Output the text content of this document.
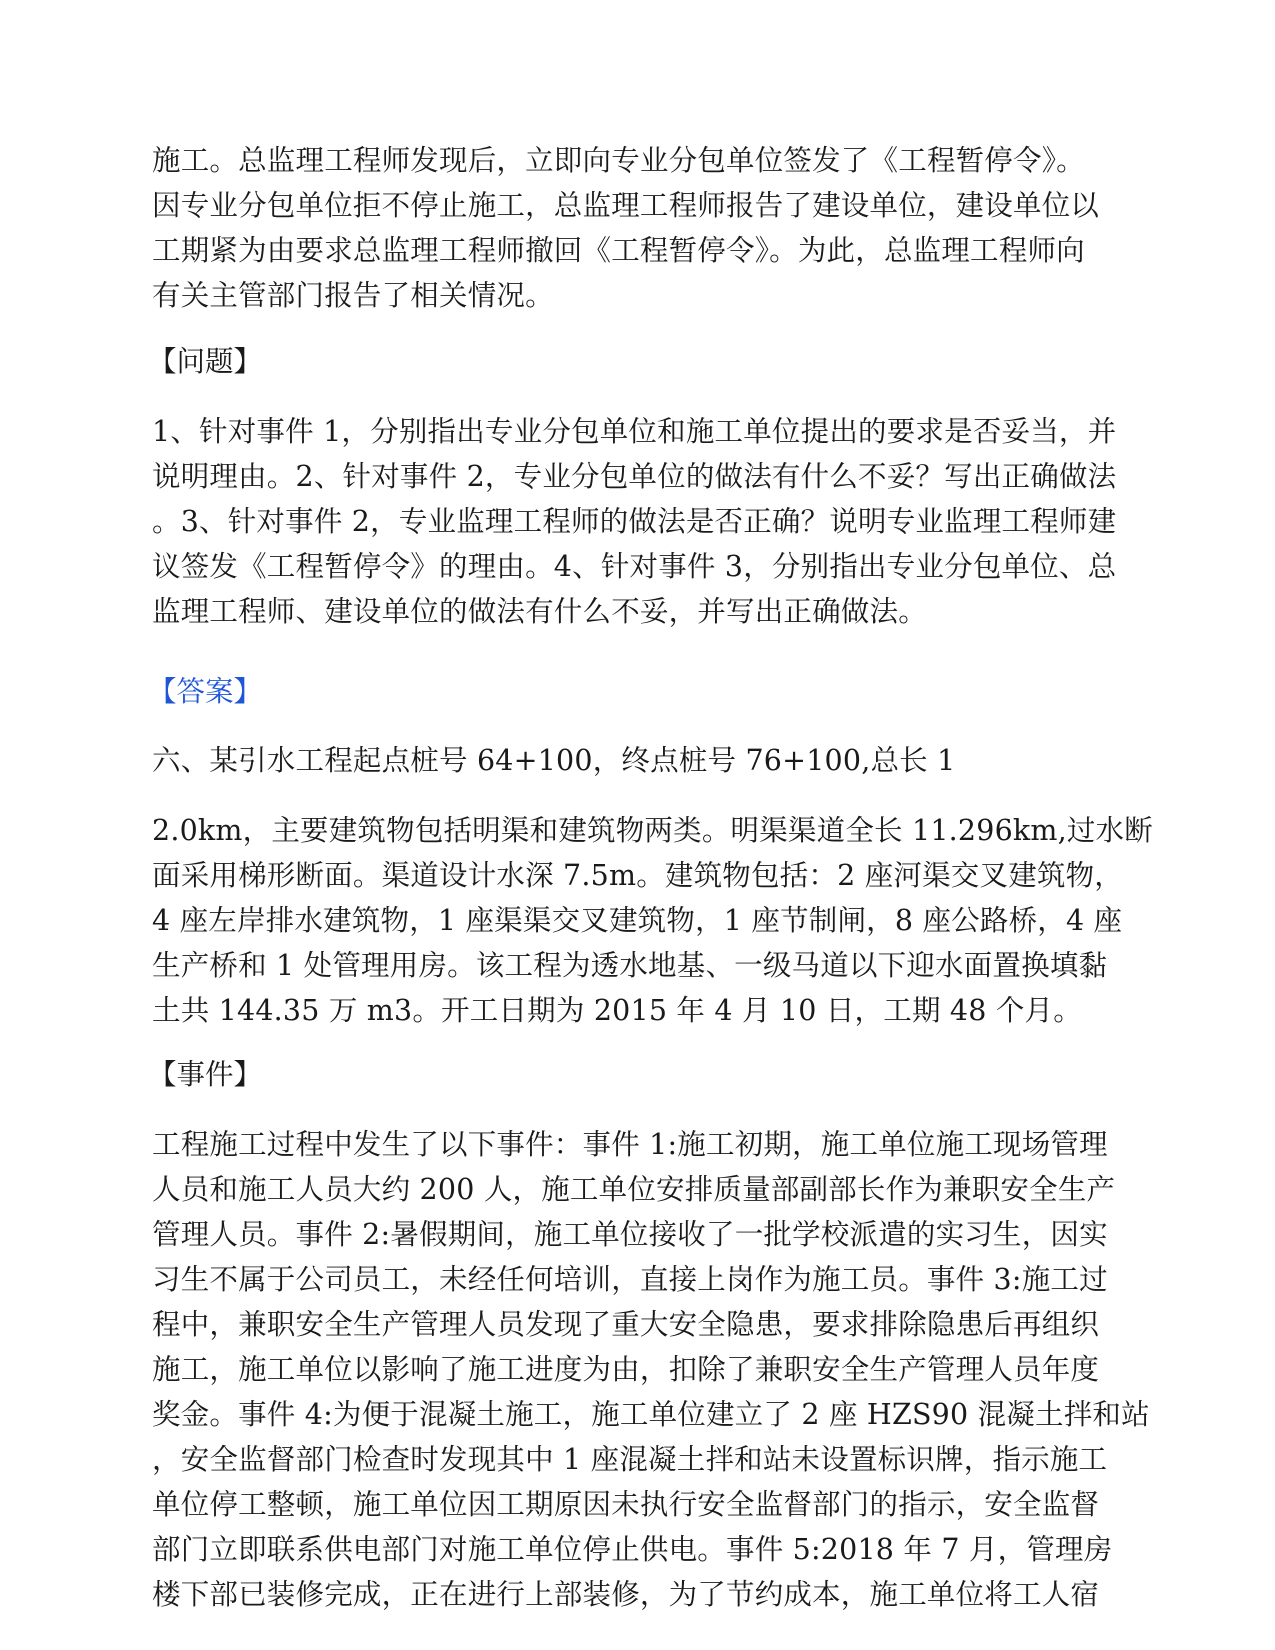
施工。总监理工程师发现后，立即向专业分包单位签发了《工程暂停令》。
因专业分包单位拒不停止施工，总监理工程师报告了建设单位，建设单位以
工期紧为由要求总监理工程师撤回《工程暂停令》。为此，总监理工程师向
有关主管部门报告了相关情况。
【问题】
1、针对事件 1，分别指出专业分包单位和施工单位提出的要求是否妥当，并
说明理由。2、针对事件 2，专业分包单位的做法有什么不妥？写出正确做法
。3、针对事件 2，专业监理工程师的做法是否正确？说明专业监理工程师建
议签发《工程暂停令》的理由。4、针对事件 3，分别指出专业分包单位、总
监理工程师、建设单位的做法有什么不妥，并写出正确做法。
【答案】
六、某引水工程起点桩号 64+100，终点桩号 76+100,总长 1
2.0km，主要建筑物包括明渠和建筑物两类。明渠渠道全长 11.296km,过水断
面采用梯形断面。渠道设计水深 7.5m。建筑物包括：2 座河渠交叉建筑物，
4 座左岸排水建筑物，1 座渠渠交叉建筑物，1 座节制闸，8 座公路桥，4 座
生产桥和 1 处管理用房。该工程为透水地基、一级马道以下迎水面置换填黏
土共 144.35 万 m3。开工日期为 2015 年 4 月 10 日，工期 48 个月。
【事件】
工程施工过程中发生了以下事件：事件 1:施工初期，施工单位施工现场管理
人员和施工人员大约 200 人，施工单位安排质量部副部长作为兼职安全生产
管理人员。事件 2:暑假期间，施工单位接收了一批学校派遣的实习生，因实
习生不属于公司员工，未经任何培训，直接上岗作为施工员。事件 3:施工过
程中，兼职安全生产管理人员发现了重大安全隐患，要求排除隐患后再组织
施工，施工单位以影响了施工进度为由，扣除了兼职安全生产管理人员年度
奖金。事件 4:为便于混凝土施工，施工单位建立了 2 座 HZS90 混凝土拌和站
，安全监督部门检查时发现其中 1 座混凝土拌和站未设置标识牌，指示施工
单位停工整顿，施工单位因工期原因未执行安全监督部门的指示，安全监督
部门立即联系供电部门对施工单位停止供电。事件 5:2018 年 7 月，管理房
楼下部已装修完成，正在进行上部装修，为了节约成本，施工单位将工人宿
